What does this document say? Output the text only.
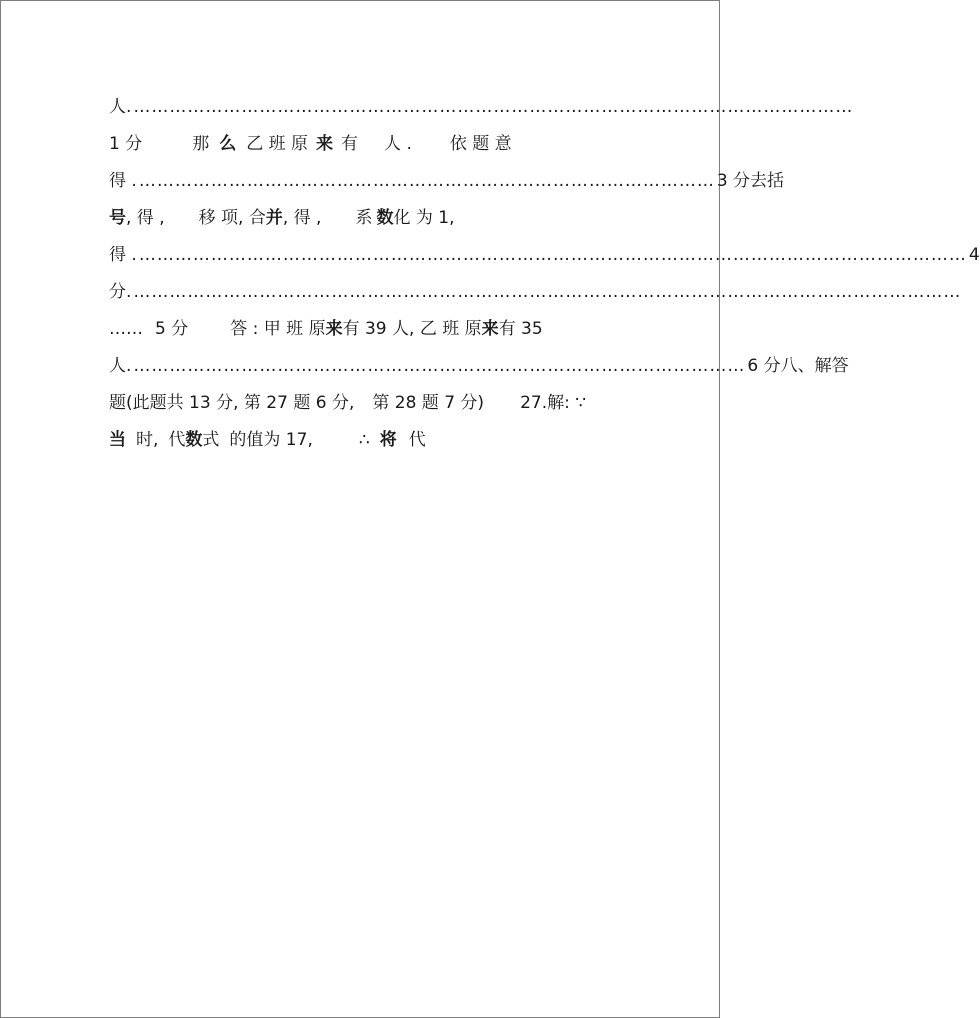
人. …………………………………………………………………………………………………………
1 分	那 么 乙 班 原 来 有 人 . 依 题 意
得 . …………………………………………………………………………………… 3 分 去括
号 , 得 , 移 项, 合 并 , 得 , 系 数 化 为 1,
得 . ………………………………………………………………………………………………………………………… 4
分 . …………………………………………………………………………………………………………………………
…… 5 分 答 : 甲 班 原 来 有 39 人, 乙 班 原 来 有 35
人. ………………………………………………………………………………………… 6 分 八、解答
题(此题共 13 分, 第 27 题 6 分, 第 28 题 7 分) 27.解: ∵
当 时, 代 数 式 的值为 17,	∴ 将 代
